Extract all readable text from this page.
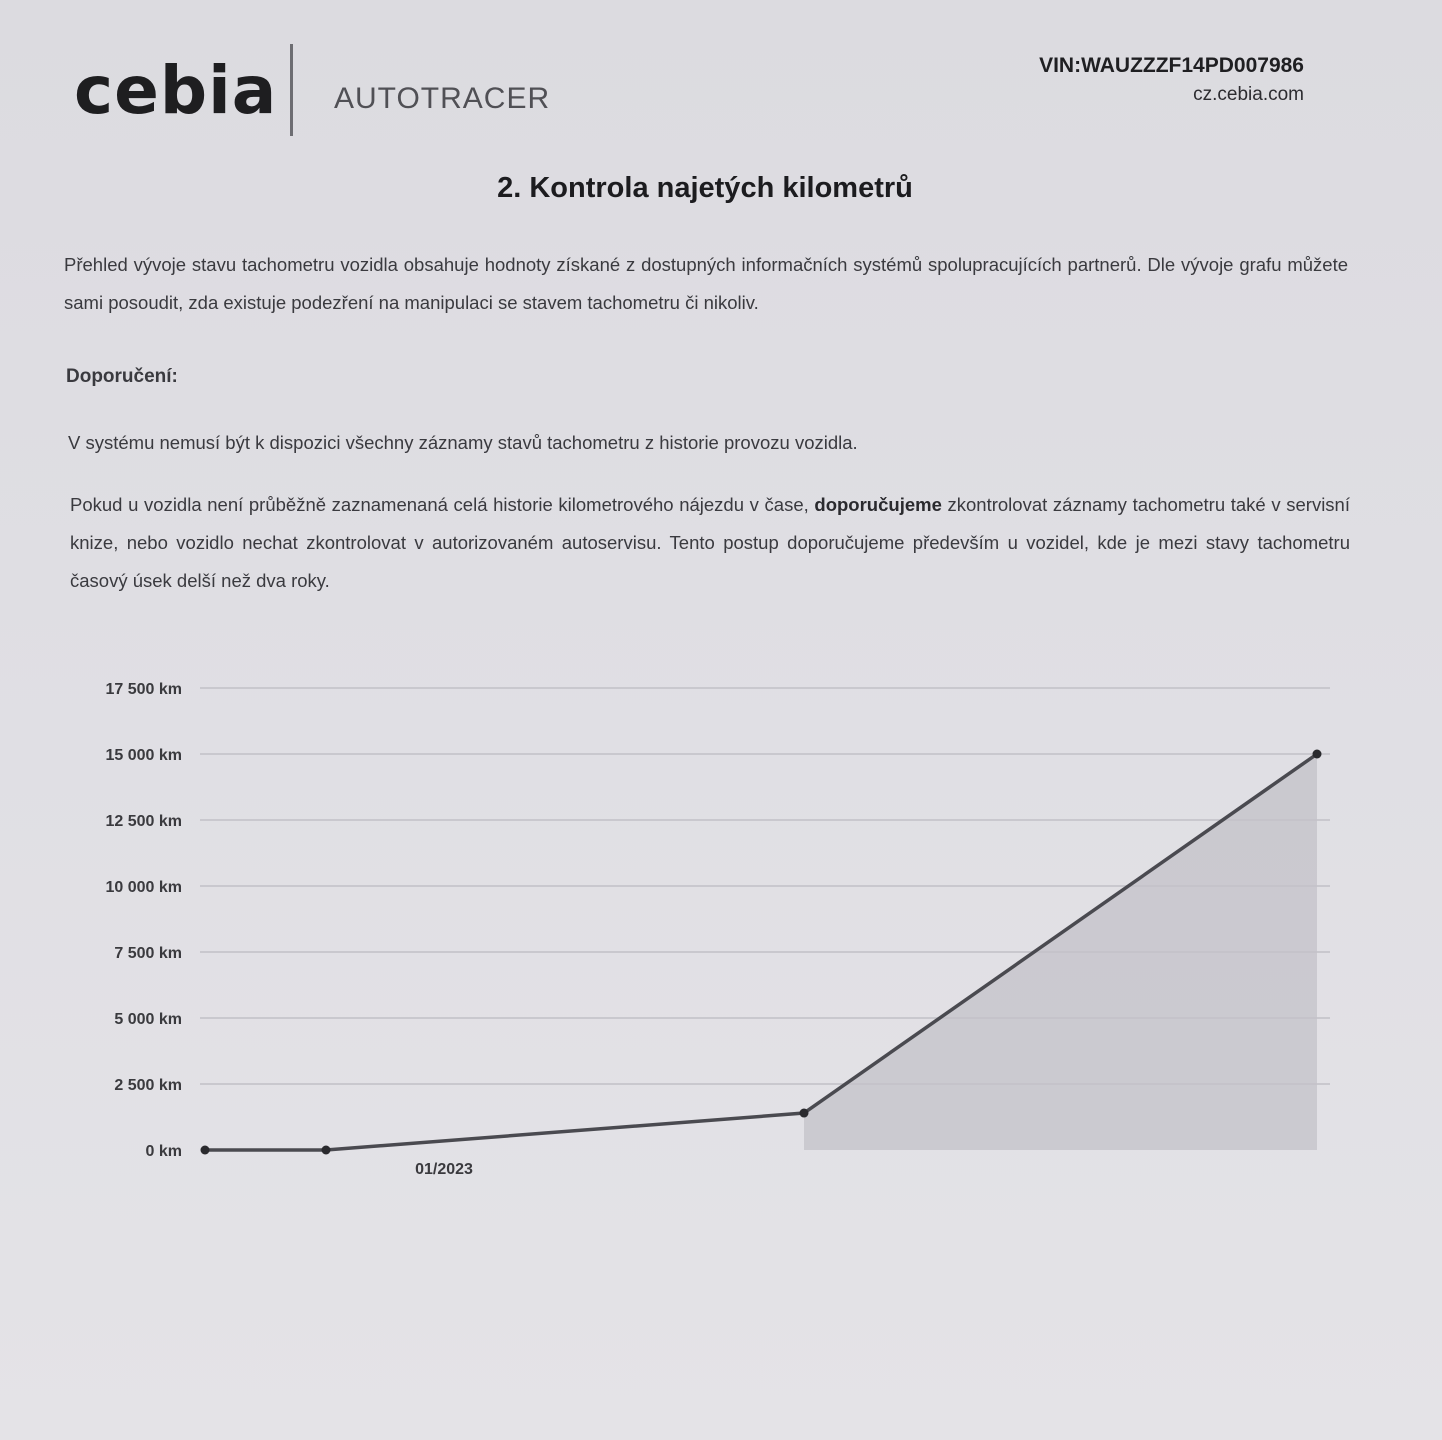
cebia AUTOTRACER
VIN:WAUZZZF14PD007986
cz.cebia.com
2. Kontrola najetých kilometrů
Přehled vývoje stavu tachometru vozidla obsahuje hodnoty získané z dostupných informačních systémů spolupracujících partnerů. Dle vývoje grafu můžete sami posoudit, zda existuje podezření na manipulaci se stavem tachometru či nikoliv.
Doporučení:
V systému nemusí být k dispozici všechny záznamy stavů tachometru z historie provozu vozidla.
Pokud u vozidla není průběžně zaznamenaná celá historie kilometrového nájezdu v čase, doporučujeme zkontrolovat záznamy tachometru také v servisní knize, nebo vozidlo nechat zkontrolovat v autorizovaném autoservisu. Tento postup doporučujeme především u vozidel, kde je mezi stavy tachometru časový úsek delší než dva roky.
0 km
2 500 km
5 000 km
7 500 km
10 000 km
12 500 km
15 000 km
17 500 km
01/2023
